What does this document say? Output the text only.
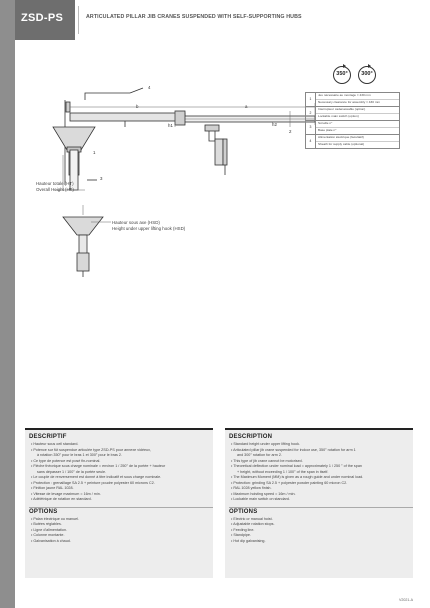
ZSD-PS	ARTICULATED PILLAR JIB CRANES SUSPENDED WITH SELF-SUPPORTING HUBS
4
b	a
h1	h2
3
1
2
Hauteur totale (HT)
Overall Height (HT)
Hauteur sous axe (HSD)
Height under upper lifting hook (HSD)
350°	300°
1
Jeu nécessaire au montage = 430 mm
Necessary clearance for assembly = 430 mm
2
Interrupteur cadenassable (option)
Lockable main switch (option)
3
Scrudle n°
Base plate n°
4
Alimentation électrique (facultatif)
Sheath for supply cable (optional)
DESCRIPTIF
• Hauteur sous oeil standard.
• Potence sur fût suspendue articulée type ZSD-PS pour annexe vidéeux,
à rotation 350° pour le bras 1 et 300° pour le bras 2.
• Ce type de potence est posé fin-nominal.
• Flèche théorique sous charge nominale = environ 1 / 250° de la portée + hauteur
sans dépasser 1 / 100° de la portée seule.
• Le couple de renversement est donné à titre indicatif et sous charge nominale.
• Protection : grenaillage SA 2.5 + peinture poudre polyester 60 microns C2.
• Finition jaune RAL 1028.
• Vitesse de levage maximum = 16m / min.
• Adélétrique de rotation en standard.
OPTIONS
• Palan électrique ou manuel.
• Butées réglables.
• Ligne d'alimentation.
• Colonne montante.
• Galvanisation à chaud.
DESCRIPTION
• Standard height under upper lifting hook.
• Articulated pillar jib crane suspended for indoor use, 350° rotation for arm 1
and 300° rotation for arm 2.
• This type of jib crane cannot be motorised.
• Theoretical deflection under nominal load = approximately 1 / 250 ° of the span
+ height, without exceeding 1 / 100° of the span in itself.
• The Maximum Moment (MM) is given as a rough guide and under nominal load.
• Protection: grinding SA 2.5 + polyester powder painting 60 micron C2.
• RAL 1028 yellow finish.
• Maximum hoisting speed = 16m / min.
• Lockable main switch on standard.
OPTIONS
• Electric or manual hoist.
• Adjustable rotation stops.
• Feeding line.
• Standpipe.
• Hot dip galvanising.
V2021-A
